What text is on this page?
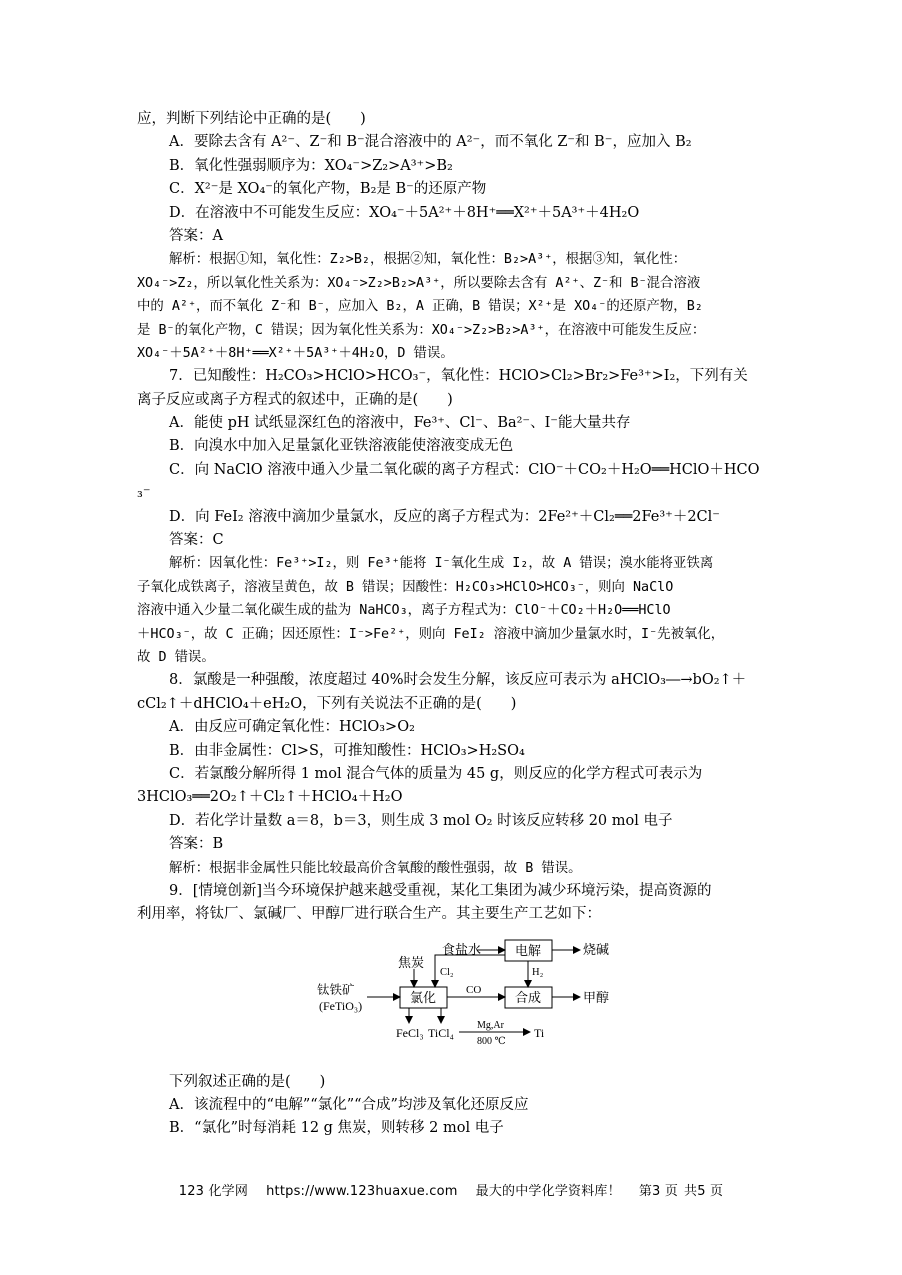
应，判断下列结论中正确的是(　　)
A．要除去含有 A²⁻、Z⁻和 B⁻混合溶液中的 A²⁻，而不氧化 Z⁻和 B⁻，应加入 B₂
B．氧化性强弱顺序为：XO₄⁻>Z₂>A³⁺>B₂
C．X²⁻是 XO₄⁻的氧化产物，B₂是 B⁻的还原产物
D．在溶液中不可能发生反应：XO₄⁻＋5A²⁺＋8H⁺══X²⁺＋5A³⁺＋4H₂O
答案：A
解析：根据①知，氧化性：Z₂>B₂，根据②知，氧化性：B₂>A³⁺，根据③知，氧化性：
XO₄⁻>Z₂，所以氧化性关系为：XO₄⁻>Z₂>B₂>A³⁺，所以要除去含有 A²⁺、Z⁻和 B⁻混合溶液
中的 A²⁺，而不氧化 Z⁻和 B⁻，应加入 B₂，A 正确，B 错误；X²⁺是 XO₄⁻的还原产物，B₂
是 B⁻的氧化产物，C 错误；因为氧化性关系为：XO₄⁻>Z₂>B₂>A³⁺，在溶液中可能发生反应：
XO₄⁻＋5A²⁺＋8H⁺══X²⁺＋5A³⁺＋4H₂O，D 错误。
7．已知酸性：H₂CO₃>HClO>HCO₃⁻，氧化性：HClO>Cl₂>Br₂>Fe³⁺>I₂，下列有关
离子反应或离子方程式的叙述中，正确的是(　　)
A．能使 pH 试纸显深红色的溶液中，Fe³⁺、Cl⁻、Ba²⁻、I⁻能大量共存
B．向溴水中加入足量氯化亚铁溶液能使溶液变成无色
C．向 NaClO 溶液中通入少量二氧化碳的离子方程式：ClO⁻＋CO₂＋H₂O══HClO＋HCO
₃⁻
D．向 FeI₂ 溶液中滴加少量氯水，反应的离子方程式为：2Fe²⁺＋Cl₂══2Fe³⁺＋2Cl⁻
答案：C
解析：因氧化性：Fe³⁺>I₂，则 Fe³⁺能将 I⁻氧化生成 I₂，故 A 错误；溴水能将亚铁离
子氧化成铁离子，溶液呈黄色，故 B 错误；因酸性：H₂CO₃>HClO>HCO₃⁻，则向 NaClO
溶液中通入少量二氧化碳生成的盐为 NaHCO₃，离子方程式为：ClO⁻＋CO₂＋H₂O══HClO
＋HCO₃⁻，故 C 正确；因还原性：I⁻>Fe²⁺，则向 FeI₂ 溶液中滴加少量氯水时，I⁻先被氧化，
故 D 错误。
8．氯酸是一种强酸，浓度超过 40%时会发生分解，该反应可表示为 aHClO₃―→bO₂↑＋
cCl₂↑＋dHClO₄＋eH₂O，下列有关说法不正确的是(　　)
A．由反应可确定氧化性：HClO₃>O₂
B．由非金属性：Cl>S，可推知酸性：HClO₃>H₂SO₄
C．若氯酸分解所得 1 mol 混合气体的质量为 45 g，则反应的化学方程式可表示为
3HClO₃══2O₂↑＋Cl₂↑＋HClO₄＋H₂O
D．若化学计量数 a＝8，b＝3，则生成 3 mol O₂ 时该反应转移 20 mol 电子
答案：B
解析：根据非金属性只能比较最高价含氧酸的酸性强弱，故 B 错误。
9．[情境创新]当今环境保护越来越受重视，某化工集团为减少环境污染，提高资源的
利用率，将钛厂、氯碱厂、甲醇厂进行联合生产。其主要生产工艺如下：
电解
氯化	合成
食盐水	烧碱
焦炭
Cl₂	H₂
CO
钛铁矿
(FeTiO₃)
甲醇
FeCl₃ TiCl₄
Mg,Ar
800 ℃
Ti
下列叙述正确的是(　　)
A．该流程中的“电解”“氯化”“合成”均涉及氧化还原反应
B．“氯化”时每消耗 12 g 焦炭，则转移 2 mol 电子
123 化学网 https://www.123huaxue.com 最大的中学化学资料库！ 第3 页 共5 页
